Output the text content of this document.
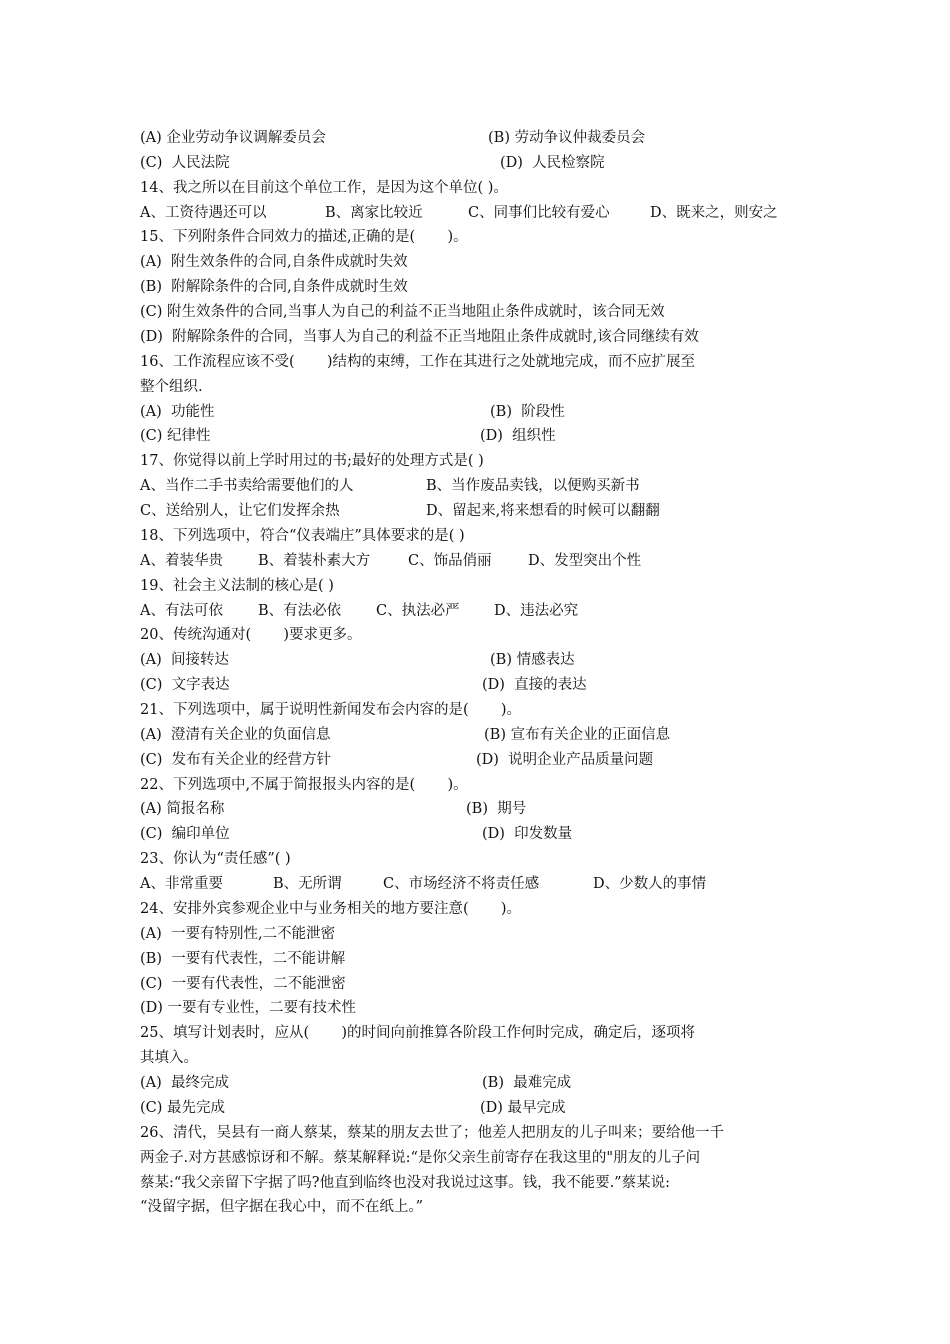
(A) 企业劳动争议调解委员会	(B) 劳动争议仲裁委员会
(C)  人民法院	(D)  人民检察院
14、我之所以在目前这个单位工作，是因为这个单位( )。
A、工资待遇还可以	B、离家比较近	C、同事们比较有爱心	D、既来之，则安之
15、下列附条件合同效力的描述,正确的是(       )。
(A)  附生效条件的合同,自条件成就时失效
(B)  附解除条件的合同,自条件成就时生效
(C) 附生效条件的合同,当事人为自己的利益不正当地阻止条件成就时，该合同无效
(D)  附解除条件的合同，当事人为自己的利益不正当地阻止条件成就时,该合同继续有效
16、工作流程应该不受(       )结构的束缚，工作在其进行之处就地完成，而不应扩展至
整个组织.
(A)  功能性	(B)  阶段性
(C) 纪律性	(D)  组织性
17、你觉得以前上学时用过的书;最好的处理方式是( )
A、当作二手书卖给需要他们的人	B、当作废品卖钱，以便购买新书
C、送给别人，让它们发挥余热	D、留起来,将来想看的时候可以翻翻
18、下列选项中，符合“仪表端庄”具体要求的是( )
A、着装华贵 B、着装朴素大方	C、饰品俏丽	D、发型突出个性
19、社会主义法制的核心是( )
A、有法可依 B、有法必依 C、执法必严 D、违法必究
20、传统沟通对(       )要求更多。
(A)  间接转达	(B) 情感表达
(C)  文字表达	(D)  直接的表达
21、下列选项中，属于说明性新闻发布会内容的是(       )。
(A)  澄清有关企业的负面信息	(B) 宣布有关企业的正面信息
(C)  发布有关企业的经营方针	(D)  说明企业产品质量问题
22、下列选项中,不属于简报报头内容的是(       )。
(A) 简报名称	(B)  期号
(C)  编印单位	(D)  印发数量
23、你认为“责任感”( )
A、非常重要	B、无所谓	C、市场经济不将责任感	D、少数人的事情
24、安排外宾参观企业中与业务相关的地方要注意(       )。
(A)  一要有特别性,二不能泄密
(B)  一要有代表性，二不能讲解
(C)  一要有代表性，二不能泄密
(D) 一要有专业性，二要有技术性
25、填写计划表时，应从(       )的时间向前推算各阶段工作何时完成，确定后，逐项将
其填入。
(A)  最终完成	(B)  最难完成
(C) 最先完成	(D) 最早完成
26、清代，吴县有一商人蔡某，蔡某的朋友去世了；他差人把朋友的儿子叫来；要给他一千
两金子.对方甚感惊讶和不解。蔡某解释说:“是你父亲生前寄存在我这里的"朋友的儿子问
蔡某:“我父亲留下字据了吗?他直到临终也没对我说过这事。钱，我不能要.”蔡某说:
“没留字据，但字据在我心中，而不在纸上。”
